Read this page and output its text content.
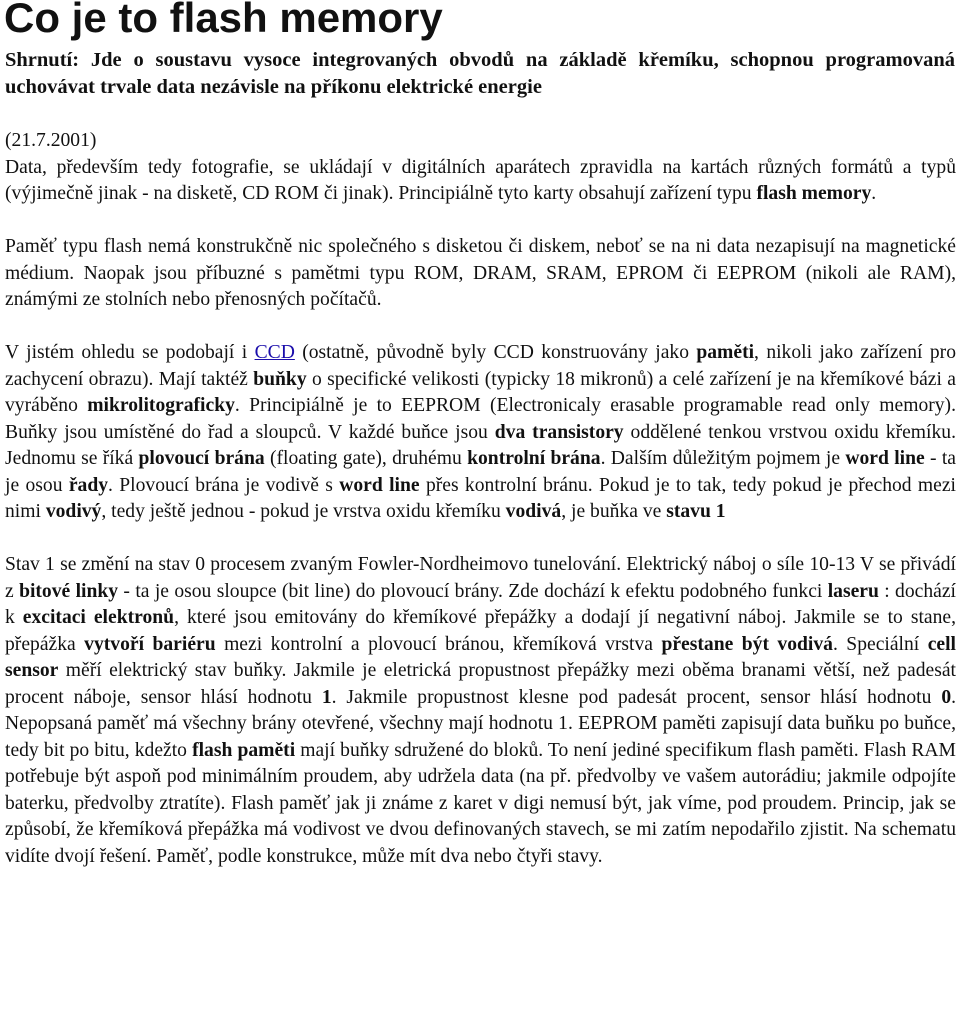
Co je to flash memory

Shrnutí: Jde o soustavu vysoce integrovaných obvodů na základě křemíku, schopnou programovaná uchovávat trvale data nezávisle na příkonu elektrické energie

(21.7.2001)

Data, především tedy fotografie, se ukládají v digitálních aparátech zpravidla na kartách různých formátů a typů (výjimečně jinak - na disketě, CD ROM či jinak). Principiálně tyto karty obsahují zařízení typu flash memory.

Paměť typu flash nemá konstrukčně nic společného s disketou či diskem, neboť se na ni data nezapisují na magnetické médium. Naopak jsou příbuzné s pamětmi typu ROM, DRAM, SRAM, EPROM či EEPROM (nikoli ale RAM), známými ze stolních nebo přenosných počítačů.

V jistém ohledu se podobají i CCD (ostatně, původně byly CCD konstruovány jako paměti, nikoli jako zařízení pro zachycení obrazu). Mají taktéž buňky o specifické velikosti (typicky 18 mikronů) a celé zařízení je na křemíkové bázi a vyráběno mikrolitograficky. Principiálně je to EEPROM (Electronicaly erasable programable read only memory). Buňky jsou umístěné do řad a sloupců. V každé buňce jsou dva transistory oddělené tenkou vrstvou oxidu křemíku. Jednomu se říká plovoucí brána (floating gate), druhému kontrolní brána. Dalším důležitým pojmem je word line - ta je osou řady. Plovoucí brána je vodivě s word line přes kontrolní bránu. Pokud je to tak, tedy pokud je přechod mezi nimi vodivý, tedy ještě jednou - pokud je vrstva oxidu křemíku vodivá, je buňka ve stavu 1

Stav 1 se změní na stav 0 procesem zvaným Fowler-Nordheimovo tunelování. Elektrický náboj o síle 10-13 V se přivádí z bitové linky - ta je osou sloupce (bit line) do plovoucí brány. Zde dochází k efektu podobného funkci laseru : dochází k excitaci elektronů, které jsou emitovány do křemíkové přepážky a dodají jí negativní náboj. Jakmile se to stane, přepážka vytvoří bariéru mezi kontrolní a plovoucí bránou, křemíková vrstva přestane být vodivá. Speciální cell sensor měří elektrický stav buňky. Jakmile je eletrická propustnost přepážky mezi oběma branami větší, než padesát procent náboje, sensor hlásí hodnotu 1. Jakmile propustnost klesne pod padesát procent, sensor hlásí hodnotu 0. Nepopsaná paměť má všechny brány otevřené, všechny mají hodnotu 1. EEPROM paměti zapisují data buňku po buňce, tedy bit po bitu, kdežto flash paměti mají buňky sdružené do bloků. To není jediné specifikum flash paměti. Flash RAM potřebuje být aspoň pod minimálním proudem, aby udržela data (na př. předvolby ve vašem autorádiu; jakmile odpojíte baterku, předvolby ztratíte). Flash paměť jak ji známe z karet v digi nemusí být, jak víme, pod proudem. Princip, jak se způsobí, že křemíková přepážka má vodivost ve dvou definovaných stavech, se mi zatím nepodařilo zjistit. Na schematu vidíte dvojí řešení. Paměť, podle konstrukce, může mít dva nebo čtyři stavy.
